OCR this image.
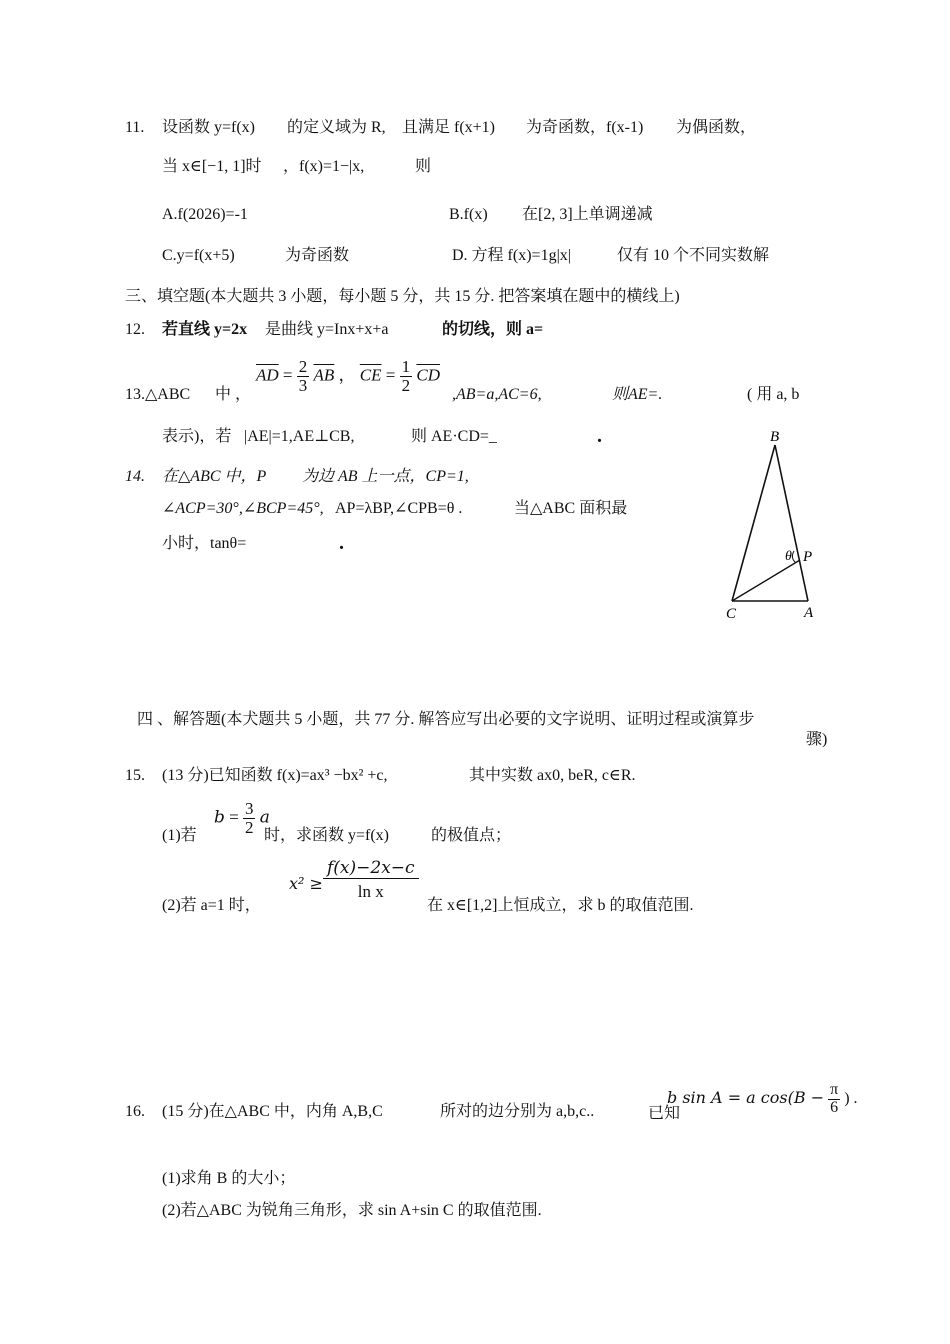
11. 设函数 y=f(x) 的定义域为 R, 且满足 f(x+1) 为奇函数，f(x-1) 为偶函数，
当 x∈[−1, 1]时 ，f(x)=1−|x,	则
A.f(2026)=-1	B.f(x) 在[2, 3]上单调递减
C.y=f(x+5)	为奇函数	D. 方程 f(x)=1g|x|	仅有 10 个不同实数解
三、填空题(本大题共 3 小题，每小题 5 分，共 15 分. 把答案填在题中的横线上)
12. 若直线 y=2x 是曲线 y=Inx+x+a	的切线，则 a=
13.△ABC 中 ，
$\overline{AD} = \frac{2}{3} \overline{AB}$ ， $\overline{CE} = \frac{1}{2} \overline{CD}$
,AB=a,AC=6,	则AE=.	( 用 a, b
表示)，若 |AE|=1,AE⊥CB,	则 AE·CD=_	.
14. 在△ABC 中，P 为边 AB 上一点，CP=1,
∠ACP=30°,∠BCP=45°, AP=λBP,∠CPB=θ .	当△ABC 面积最
小时，tanθ=	.
B
P
θ
C	A
四 、解答题(本犬题共 5 小题，共 77 分. 解答应写出必要的文字说明、证明过程或演算步
骤)
15. (13 分)已知函数 f(x)=ax³ −bx² +c,	其中实数 ax0, beR, c∈R.
(1)若
$b = \frac{3}{2}$ a
时，求函数 y=f(x)	的极值点；
(2)若 a=1 时，
$x^2 \ge \frac{f(x)-2x-c}{\text{ln x}}$
在 x∈[1,2]上恒成立，求 b 的取值范围.
16. (15 分)在△ABC 中，内角 A,B,C	所对的边分别为 a,b,c..	已知
b sin A = a $\cos(B - \frac{\pi}{6}$ ) .
(1)求角 B 的大小；
(2)若△ABC 为锐角三角形，求 sin A+sin C 的取值范围.
